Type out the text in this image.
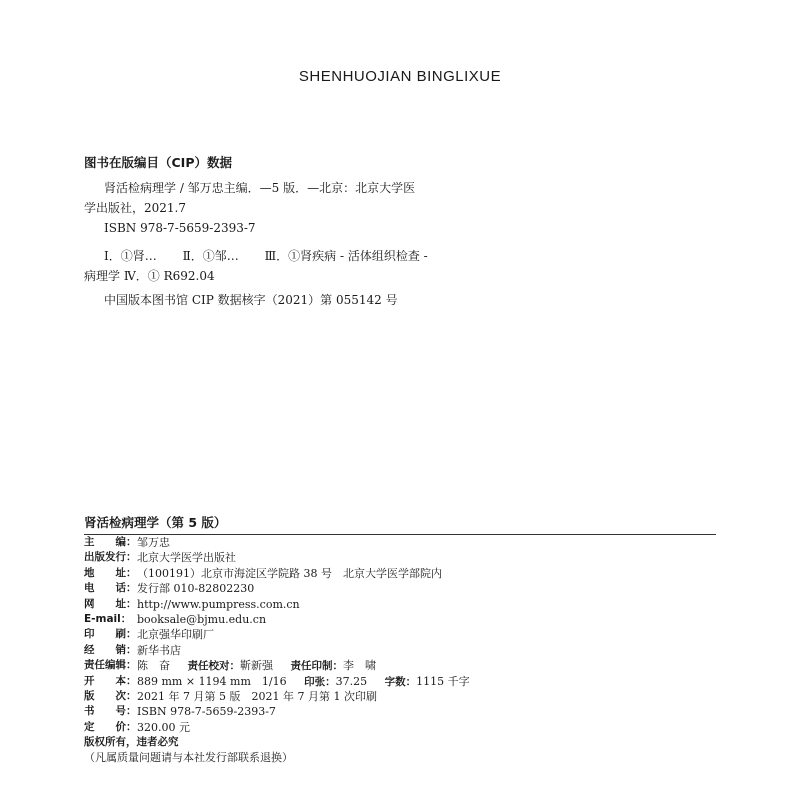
SHENHUOJIAN BINGLIXUE
图书在版编目（CIP）数据
肾活检病理学 / 邹万忠主编．—5 版．—北京：北京大学医
学出版社，2021.7
ISBN 978-7-5659-2393-7
Ⅰ．①肾… Ⅱ．①邹… Ⅲ．①肾疾病 - 活体组织检查 -
病理学 Ⅳ．① R692.04
中国版本图书馆 CIP 数据核字（2021）第 055142 号
肾活检病理学（第 5 版）
主　　编： 邹万忠
出版发行： 北京大学医学出版社
地　　址： （100191）北京市海淀区学院路 38 号　北京大学医学部院内
电　　话： 发行部 010-82802230
网　　址： http://www.pumpress.com.cn
E-mail： booksale@bjmu.edu.cn
印　　刷： 北京强华印刷厂
经　　销： 新华书店
责任编辑： 陈　奋 责任校对：靳新强 责任印制：李　啸
开　　本： 889 mm × 1194 mm　1/16 印张：37.25 字数：1115 千字
版　　次： 2021 年 7 月第 5 版　2021 年 7 月第 1 次印刷
书　　号： ISBN 978-7-5659-2393-7
定　　价： 320.00 元
版权所有，违者必究
（凡属质量问题请与本社发行部联系退换）
